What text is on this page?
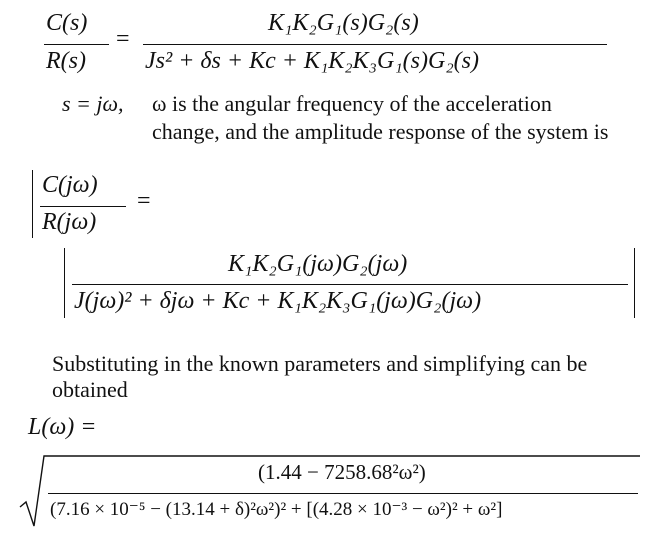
C(s)
R(s)
=
K₁K₂G₁(s)G₂(s)
Js² + δs + Kc + K₁K₂K₃G₁(s)G₂(s)
s = jω, ω is the angular frequency of the acceleration
change, and the amplitude response of the system is
C(jω)
R(jω)
=
K₁K₂G₁(jω)G₂(jω)
J(jω)² + δjω + Kc + K₁K₂K₃G₁(jω)G₂(jω)
Substituting in the known parameters and simplifying can be
obtained
L(ω) =
(1.44 − 7258.68²ω²)
(7.16 × 10⁻⁵ − (13.14 + δ)²ω²)² + [(4.28 × 10⁻³ − ω²)² + ω²]
